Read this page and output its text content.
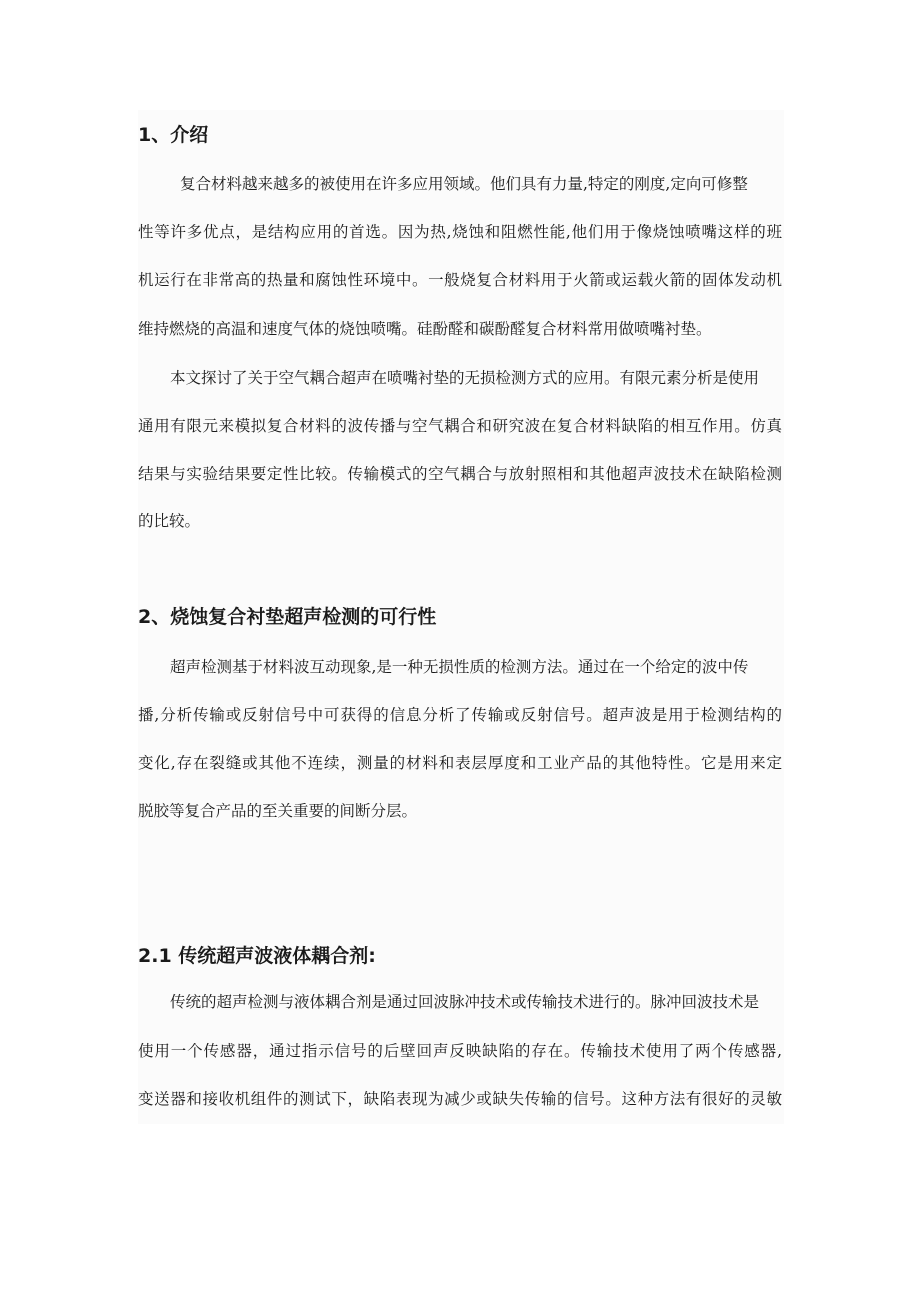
1、介绍

复合材料越来越多的被使用在许多应用领域。他们具有力量,特定的刚度,定向可修整

性等许多优点，是结构应用的首选。因为热,烧蚀和阻燃性能,他们用于像烧蚀喷嘴这样的班

机运行在非常高的热量和腐蚀性环境中。一般烧复合材料用于火箭或运载火箭的固体发动机

维持燃烧的高温和速度气体的烧蚀喷嘴。硅酚醛和碳酚醛复合材料常用做喷嘴衬垫。

本文探讨了关于空气耦合超声在喷嘴衬垫的无损检测方式的应用。有限元素分析是使用

通用有限元来模拟复合材料的波传播与空气耦合和研究波在复合材料缺陷的相互作用。仿真

结果与实验结果要定性比较。传输模式的空气耦合与放射照相和其他超声波技术在缺陷检测

的比较。

2、烧蚀复合衬垫超声检测的可行性

超声检测基于材料波互动现象,是一种无损性质的检测方法。通过在一个给定的波中传

播,分析传输或反射信号中可获得的信息分析了传输或反射信号。超声波是用于检测结构的

变化,存在裂缝或其他不连续，测量的材料和表层厚度和工业产品的其他特性。它是用来定

脱胶等复合产品的至关重要的间断分层。

2.1 传统超声波液体耦合剂:

传统的超声检测与液体耦合剂是通过回波脉冲技术或传输技术进行的。脉冲回波技术是

使用一个传感器，通过指示信号的后壁回声反映缺陷的存在。传输技术使用了两个传感器,

变送器和接收机组件的测试下，缺陷表现为减少或缺失传输的信号。这种方法有很好的灵敏
